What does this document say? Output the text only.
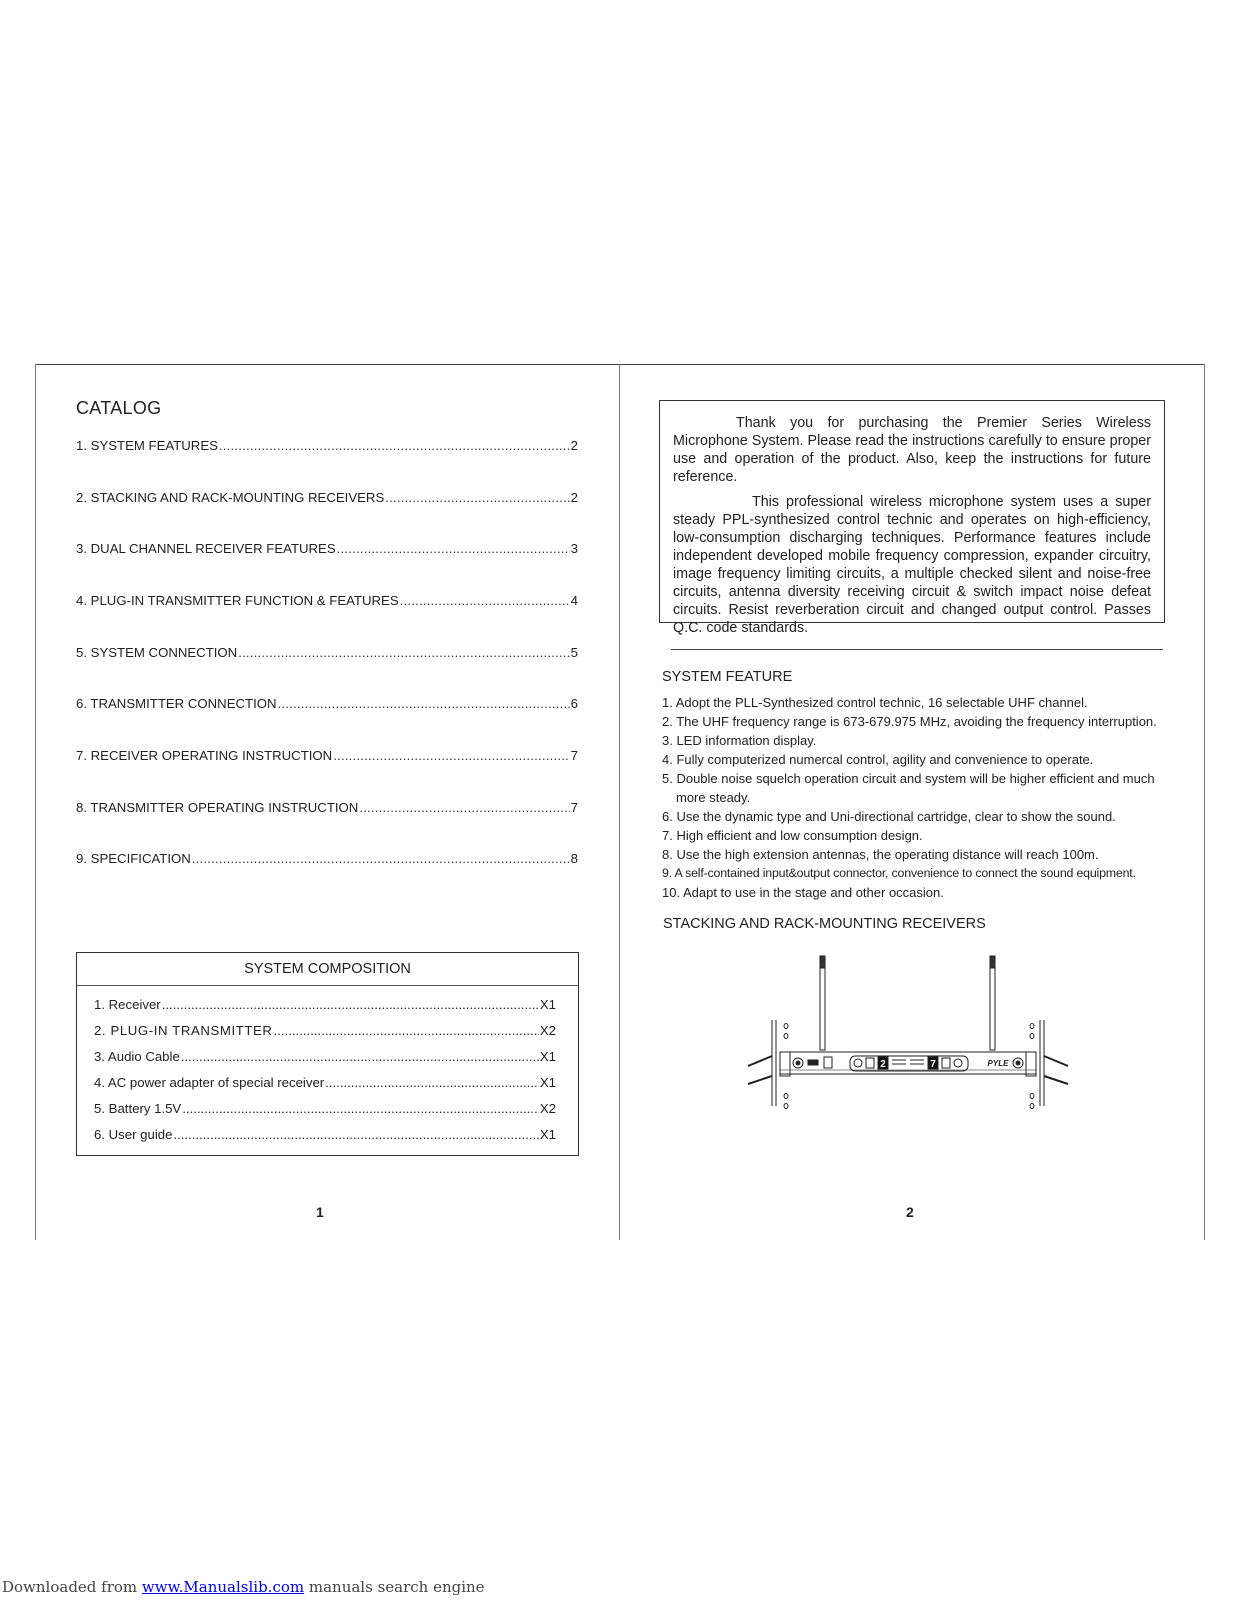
CATALOG
1. SYSTEM FEATURES .....	2
2. STACKING AND RACK-MOUNTING RECEIVERS .....	2
3. DUAL CHANNEL RECEIVER FEATURES .....	3
4. PLUG-IN TRANSMITTER FUNCTION & FEATURES .....	4
5. SYSTEM CONNECTION .....	5
6. TRANSMITTER CONNECTION .....	6
7. RECEIVER OPERATING INSTRUCTION .....	7
8. TRANSMITTER OPERATING INSTRUCTION .....	7
9. SPECIFICATION .....	8
SYSTEM COMPOSITION
1. Receiver .....	X1
2. PLUG-IN TRANSMITTER .....	X2
3. Audio Cable .....	X1
4. AC power adapter of special receiver .....	X1
5. Battery 1.5V .....	X2
6. User guide .....	X1
1

Thank you for purchasing the Premier Series Wireless Microphone System. Please read the instructions carefully to ensure proper use and operation of the product. Also, keep the instructions for future reference.

This professional wireless microphone system uses a super steady PPL-synthesized control technic and operates on high-efficiency, low-consumption discharging techniques. Performance features include independent developed mobile frequency compression, expander circuitry, image frequency limiting circuits, a multiple checked silent and noise-free circuits, antenna diversity receiving circuit & switch impact noise defeat circuits. Resist reverberation circuit and changed output control. Passes Q.C. code standards.

SYSTEM FEATURE
1. Adopt the PLL-Synthesized control technic, 16 selectable UHF channel.
2. The UHF frequency range is 673-679.975 MHz, avoiding the frequency interruption.
3. LED information display.
4. Fully computerized numercal control, agility and convenience to operate.
5. Double noise squelch operation circuit and system will be higher efficient and much
more steady.
6. Use the dynamic type and Uni-directional cartridge, clear to show the sound.
7. High efficient and low consumption design.
8. Use the high extension antennas, the operating distance will reach 100m.
9. A self-contained input&output connector, convenience to connect the sound equipment.
10. Adapt to use in the stage and other occasion.
STACKING AND RACK-MOUNTING RECEIVERS
2	7	PYLE
2
Downloaded from www.Manualslib.com manuals search engine
